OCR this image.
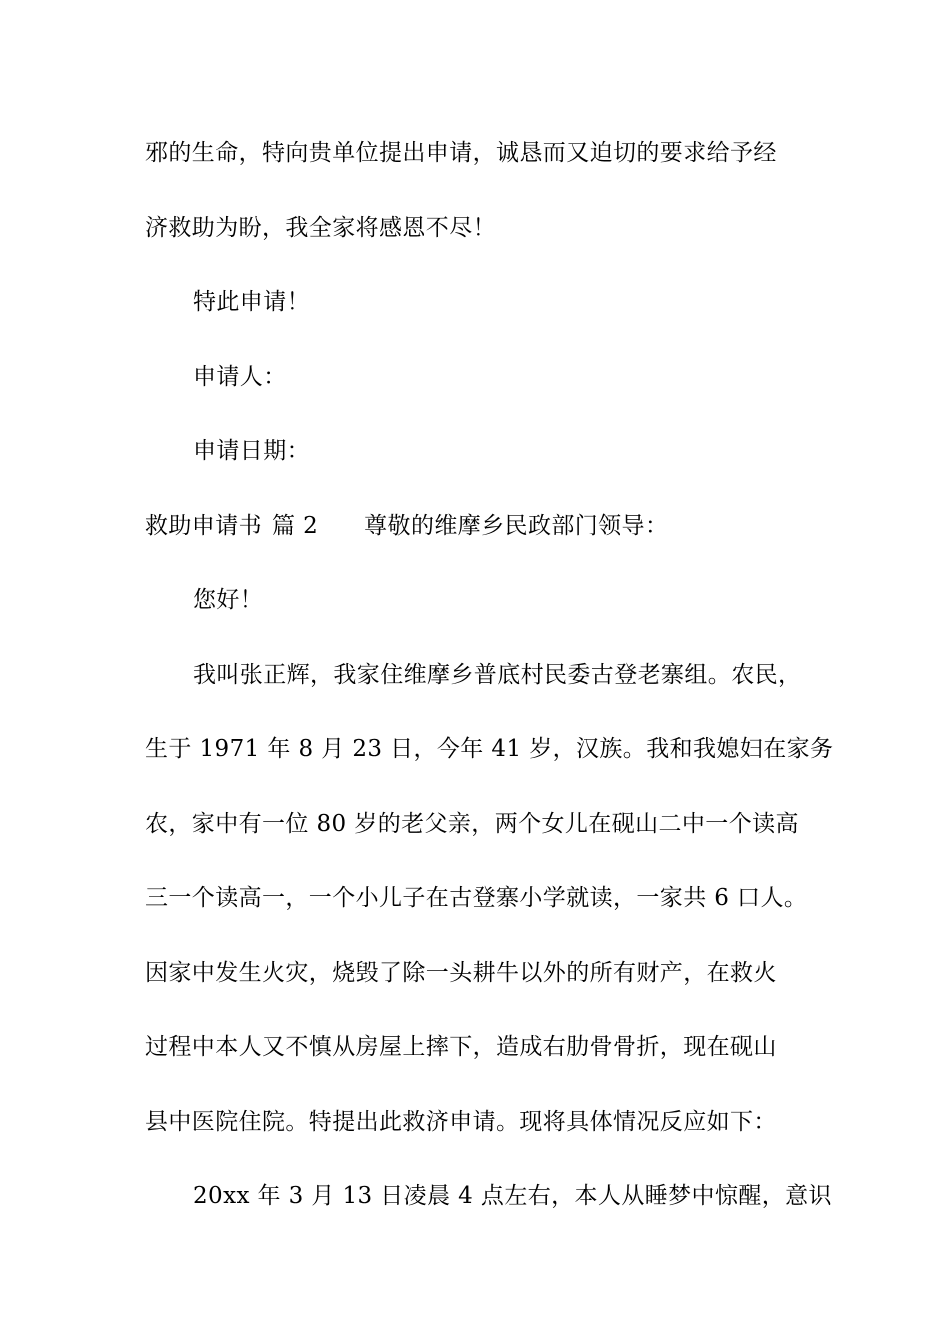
邪的生命，特向贵单位提出申请，诚恳而又迫切的要求给予经
济救助为盼，我全家将感恩不尽！
特此申请！
申请人：
申请日期：
救助申请书 篇 2 尊敬的维摩乡民政部门领导：
您好！
我叫张正辉，我家住维摩乡普底村民委古登老寨组。农民，
生于 1971 年 8 月 23 日，今年 41 岁，汉族。我和我媳妇在家务
农，家中有一位 80 岁的老父亲，两个女儿在砚山二中一个读高
三一个读高一，一个小儿子在古登寨小学就读，一家共 6 口人。
因家中发生火灾，烧毁了除一头耕牛以外的所有财产，在救火
过程中本人又不慎从房屋上摔下，造成右肋骨骨折，现在砚山
县中医院住院。特提出此救济申请。现将具体情况反应如下：
20xx 年 3 月 13 日凌晨 4 点左右，本人从睡梦中惊醒，意识
